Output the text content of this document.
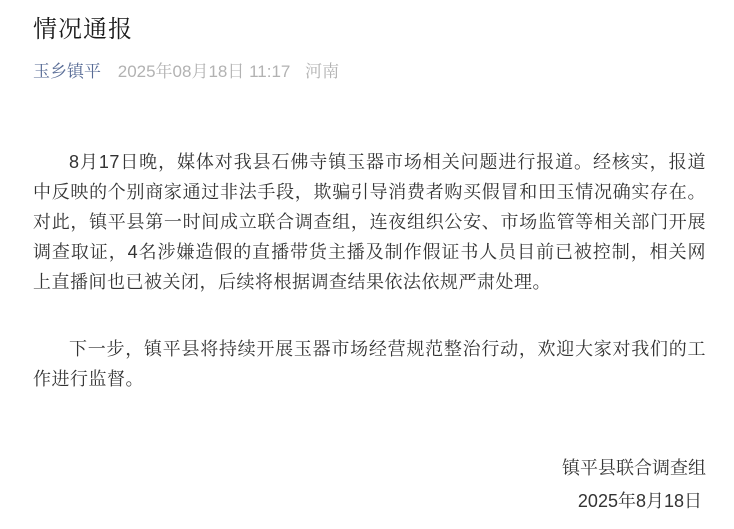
情况通报
玉乡镇平 2025年08月18日 11:17 河南

8月17日晚，媒体对我县石佛寺镇玉器市场相关问题进行报道。经核实，报道中反映的个别商家通过非法手段，欺骗引导消费者购买假冒和田玉情况确实存在。对此，镇平县第一时间成立联合调查组，连夜组织公安、市场监管等相关部门开展调查取证，4名涉嫌造假的直播带货主播及制作假证书人员目前已被控制，相关网上直播间也已被关闭，后续将根据调查结果依法依规严肃处理。

下一步，镇平县将持续开展玉器市场经营规范整治行动，欢迎大家对我们的工作进行监督。

镇平县联合调查组
2025年8月18日
